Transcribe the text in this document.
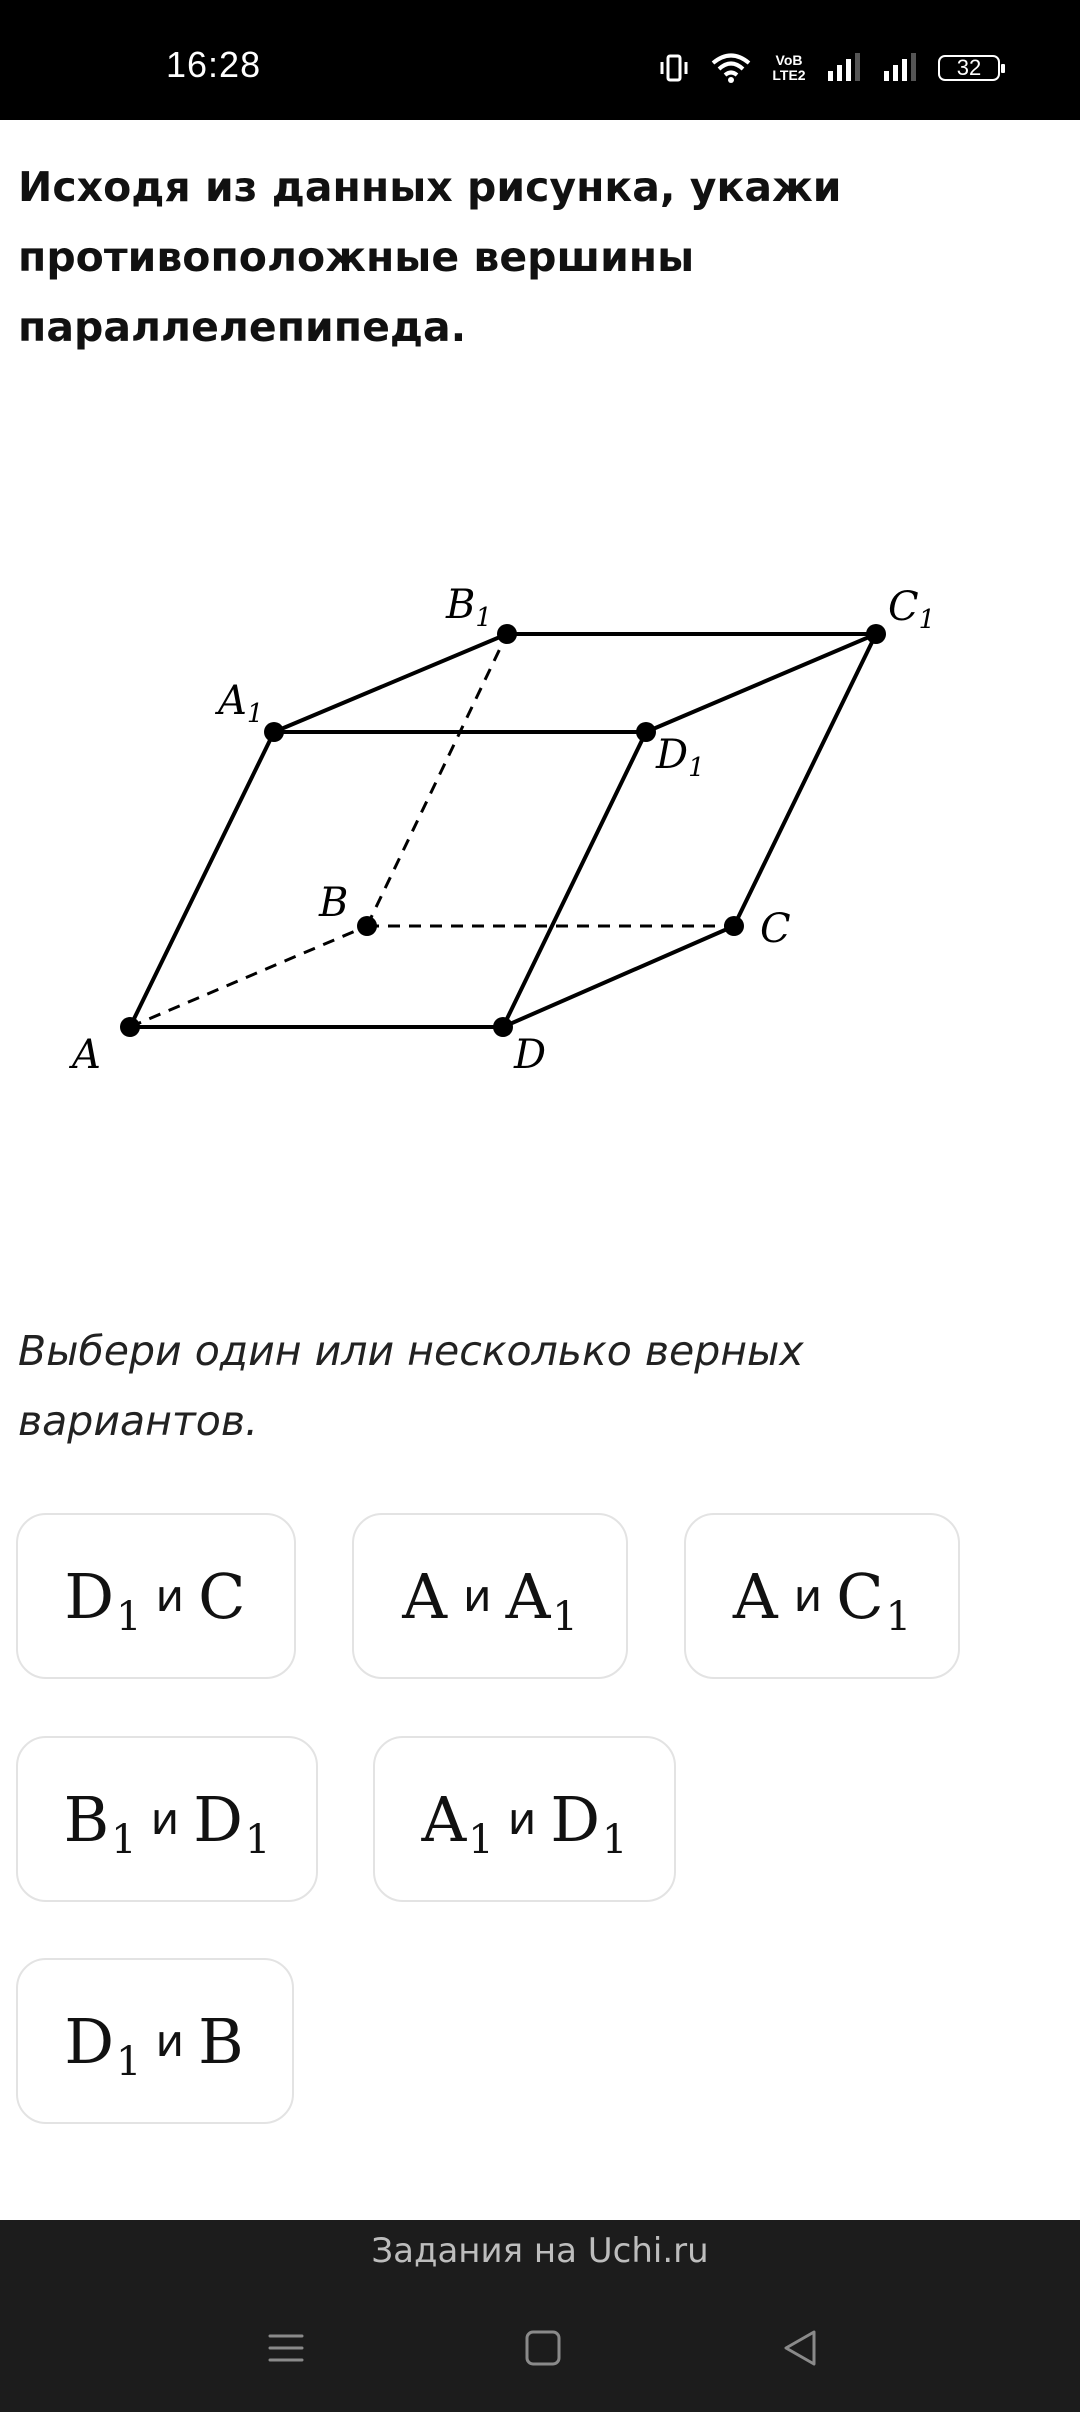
16:28	VoB LTE2	32

Исходя из данных рисунка, укажи противоположные вершины параллелепипеда.

A	D
C
B
$A_1$
$D_1$
$B_1$	$C_1$

Выбери один или несколько верных вариантов.

D 1 и C	A и A 1	A и C 1
B 1 и D 1 A 1 и D 1
D 1 и B
Задания на Uchi.ru
